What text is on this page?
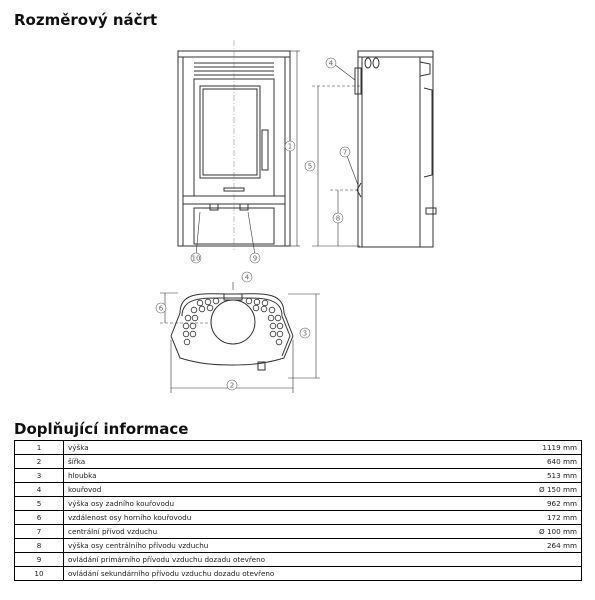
Rozměrový náčrt
1
10	9
4
5
7
8
4
6
3
2
Doplňující informace
1	výška	1119 mm
2	šířka	640 mm
3	hloubka	513 mm
4	kouřovod	Ø 150 mm
5	výška osy zadního kouřovodu	962 mm
6	vzdálenost osy horního kouřovodu	172 mm
7	centrální přívod vzduchu	Ø 100 mm
8	výška osy centrálního přívodu vzduchu	264 mm
9	ovládání primárního přívodu vzduchu dozadu otevřeno	
10	ovládání sekundárního přívodu vzduchu dozadu otevřeno	
